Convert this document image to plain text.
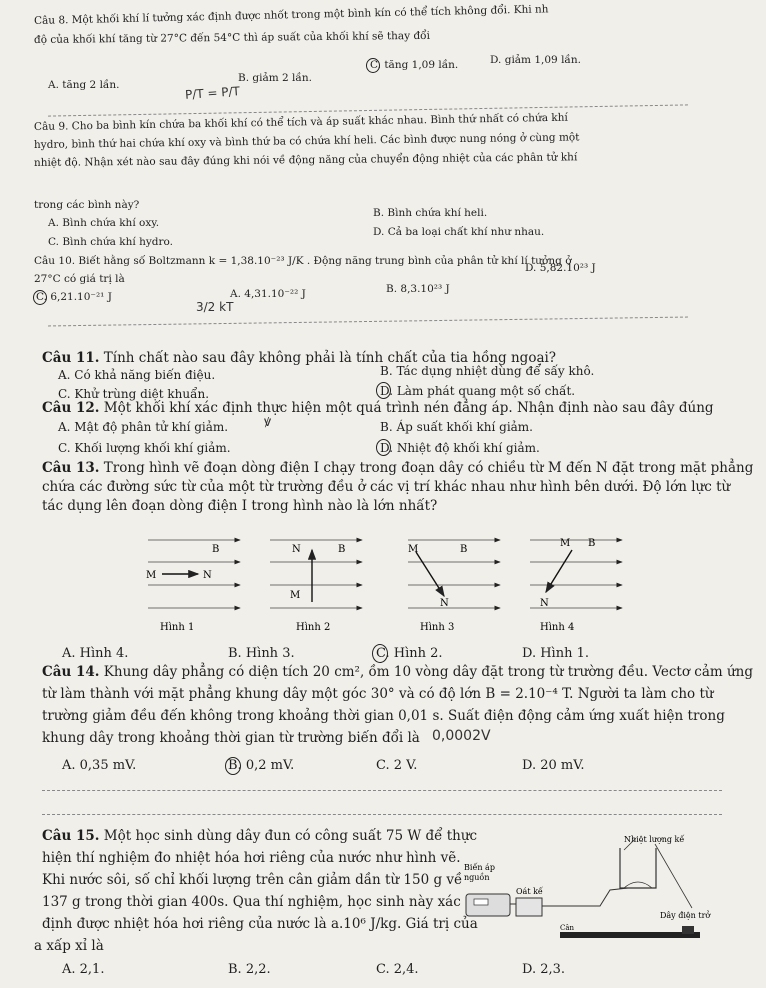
Câu 8. Một khối khí lí tưởng xác định được nhốt trong một bình kín có thể tích không đổi. Khi nh
độ của khối khí tăng từ 27°C đến 54°C thì áp suất của khối khí sẽ thay đổi
A. tăng 2 lần.
B. giảm 2 lần.
C. tăng 1,09 lần.	D. giảm 1,09 lần.
P/T = P/T
Câu 9. Cho ba bình kín chứa ba khối khí có thể tích và áp suất khác nhau. Bình thứ nhất có chứa khí
hydro, bình thứ hai chứa khí oxy và bình thứ ba có chứa khí heli. Các bình được nung nóng ở cùng một
nhiệt độ. Nhận xét nào sau đây đúng khi nói về động năng của chuyển động nhiệt của các phân tử khí
trong các bình này?
A. Bình chứa khí oxy.
B. Bình chứa khí heli.
C. Bình chứa khí hydro.
D. Cả ba loại chất khí như nhau.
Câu 10. Biết hằng số Boltzmann k = 1,38.10⁻²³ J/K . Động năng trung bình của phân tử khí lí tưởng ở
27°C có giá trị là
C. 6,21.10⁻²¹ J	A. 4,31.10⁻²² J	B. 8,3.10²³ J
D. 5,82.10²³ J
3/2 kT
Câu 11. Tính chất nào sau đây không phải là tính chất của tia hồng ngoại?
A. Có khả năng biến điệu.	B. Tác dụng nhiệt dùng để sấy khô.
C. Khử trùng diệt khuẩn.	D. Làm phát quang một số chất.
Câu 12. Một khối khí xác định thực hiện một quá trình nén đẳng áp. Nhận định nào sau đây đúng
A. Mật độ phân tử khí giảm.	B. Áp suất khối khí giảm.
C. Khối lượng khối khí giảm.	D. Nhiệt độ khối khí giảm.
ꝟ
Câu 13. Trong hình vẽ đoạn dòng điện I chạy trong đoạn dây có chiều từ M đến N đặt trong mặt phẳng
chứa các đường sức từ của một từ trường đều ở các vị trí khác nhau như hình bên dưới. Độ lớn lực từ
tác dụng lên đoạn dòng điện I trong hình nào là lớn nhất?
M	N
B	N
M
B	M
N
B
M
N
B
Hình 1	Hình 2	Hình 3	Hình 4
A. Hình 4.	B. Hình 3.	C. Hình 2.	D. Hình 1.
Câu 14. Khung dây phẳng có diện tích 20 cm², ồm 10 vòng dây đặt trong từ trường đều. Vectơ cảm ứng
từ làm thành với mặt phẳng khung dây một góc 30° và có độ lớn B = 2.10⁻⁴ T. Người ta làm cho từ
trường giảm đều đến không trong khoảng thời gian 0,01 s. Suất điện động cảm ứng xuất hiện trong
khung dây trong khoảng thời gian từ trường biến đổi là 0,0002V
A. 0,35 mV.	B. 0,2 mV.	C. 2 V.	D. 20 mV.
Câu 15. Một học sinh dùng dây đun có công suất 75 W để thực
hiện thí nghiệm đo nhiệt hóa hơi riêng của nước như hình vẽ.
Khi nước sôi, số chỉ khối lượng trên cân giảm dần từ 150 g về
137 g trong thời gian 400s. Qua thí nghiệm, học sinh này xác
định được nhiệt hóa hơi riêng của nước là a.10⁶ J/kg. Giá trị của
a xấp xỉ là
Nhiệt lượng kế
Biến áp
nguồn
Oát kế
Dây điện trở
Cân
A. 2,1.	B. 2,2.	C. 2,4.	D. 2,3.
